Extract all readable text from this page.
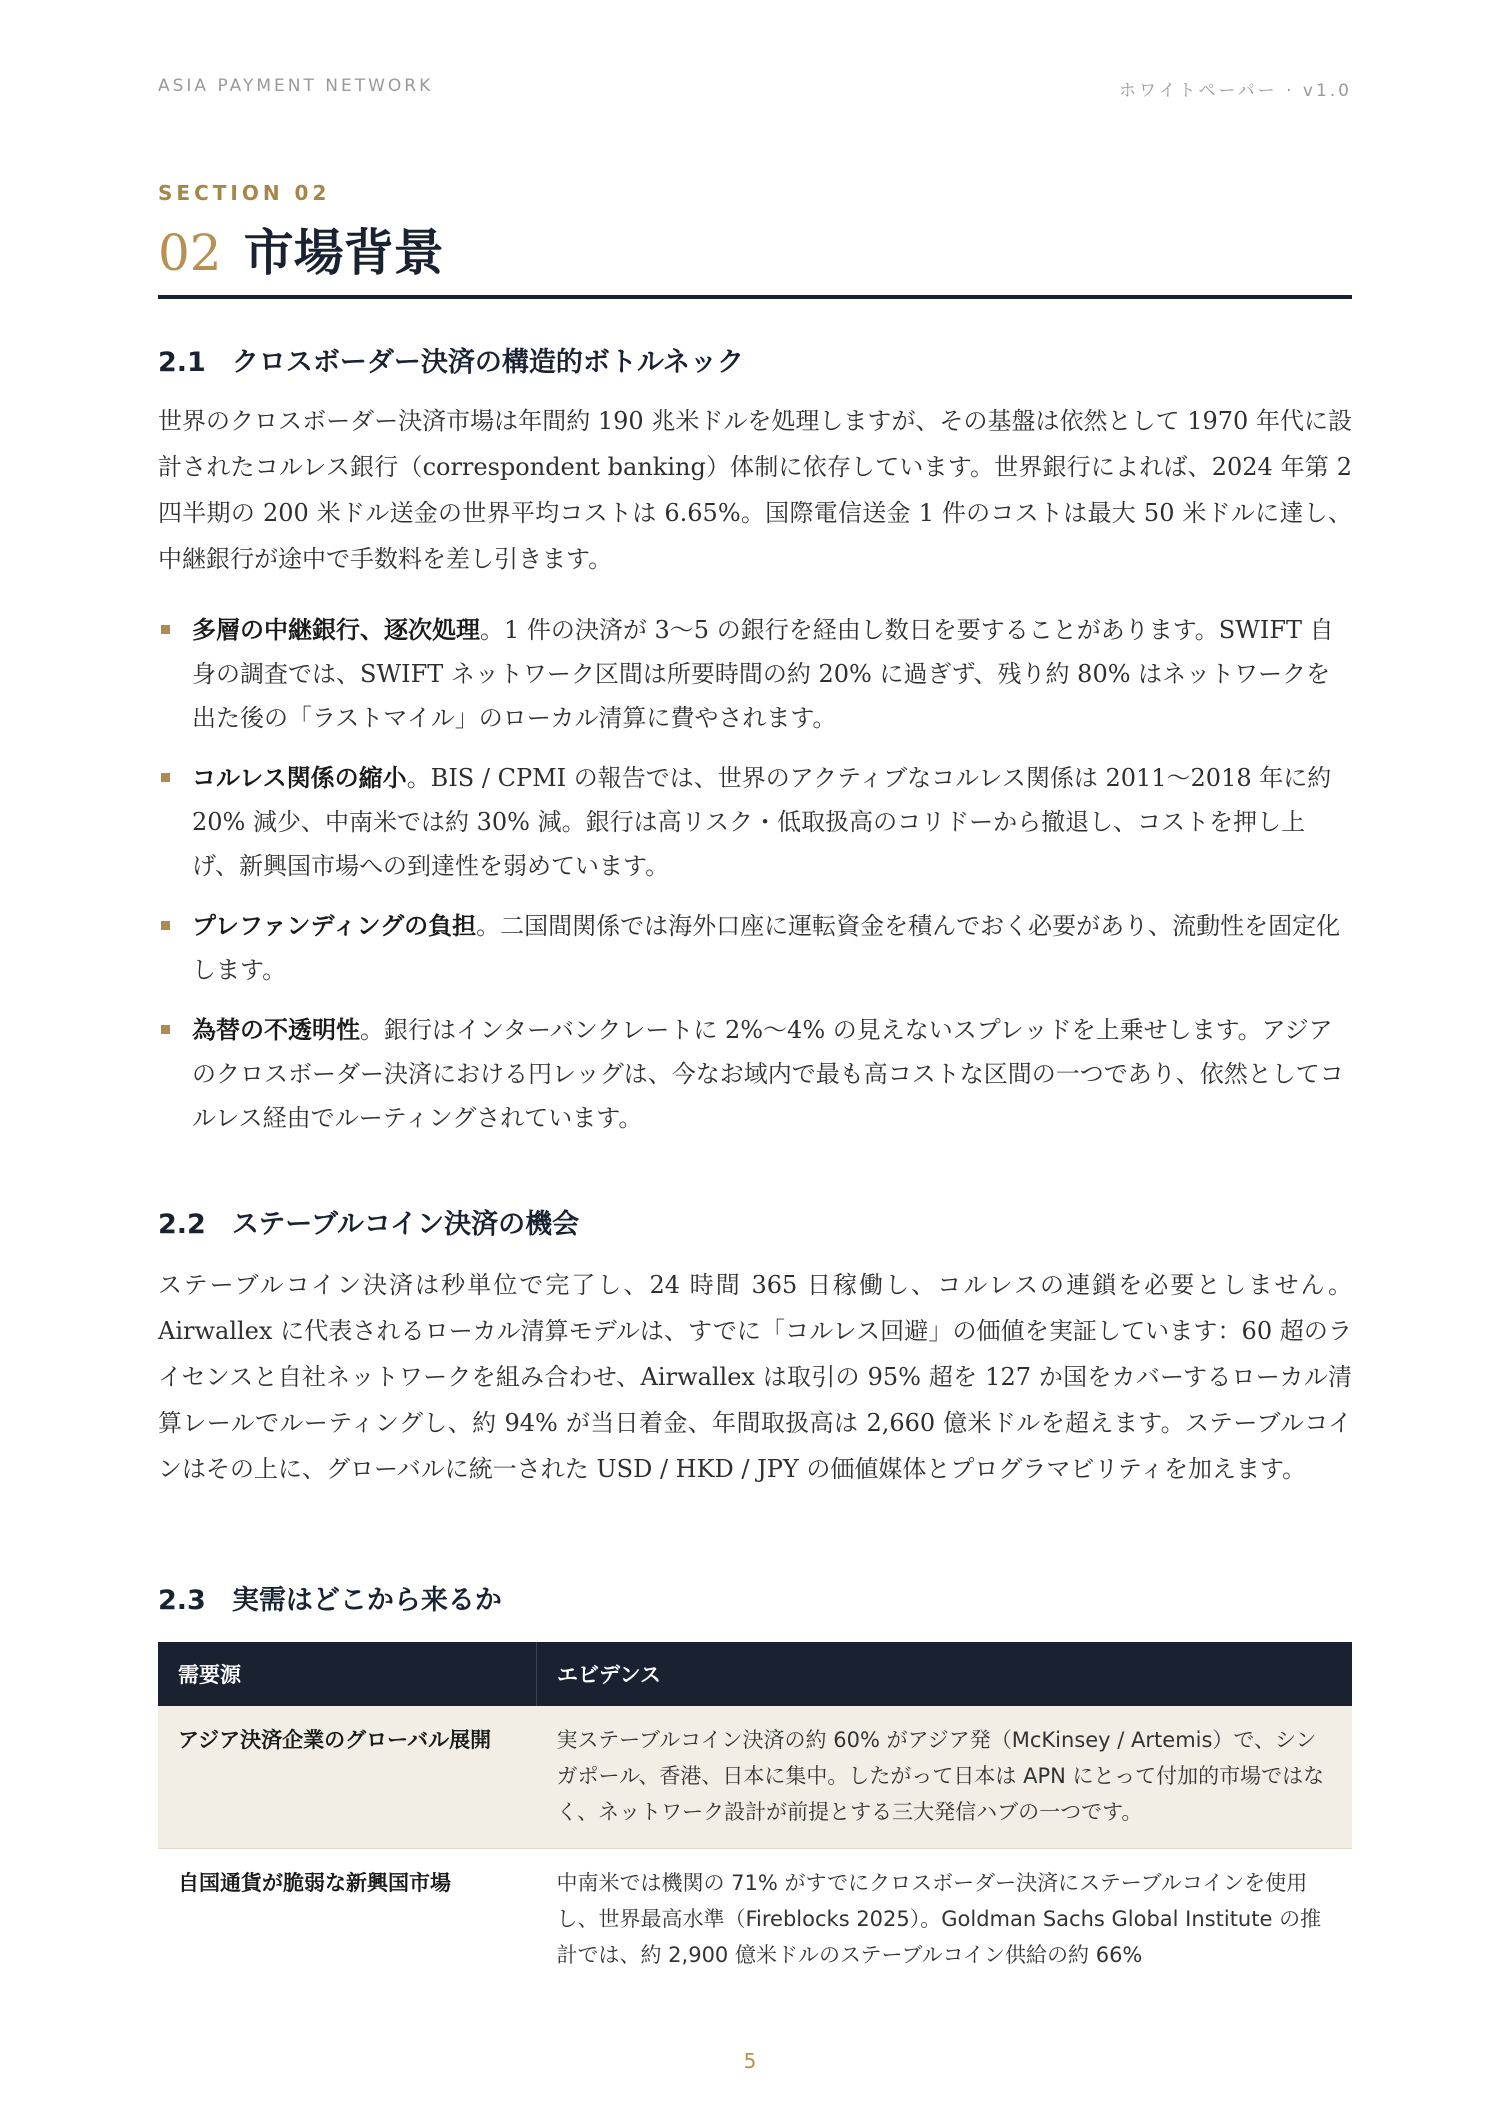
ASIA PAYMENT NETWORK	ホワイトペーパー · v1.0
SECTION 02
02 市場背景
2.1 クロスボーダー決済の構造的ボトルネック

世界のクロスボーダー決済市場は年間約 190 兆米ドルを処理しますが、その基盤は依然として 1970 年代に設計されたコルレス銀行（correspondent banking）体制に依存しています。世界銀行によれば、2024 年第 2 四半期の 200 米ドル送金の世界平均コストは 6.65%。国際電信送金 1 件のコストは最大 50 米ドルに達し、中継銀行が途中で手数料を差し引きます。

多層の中継銀行、逐次処理。1 件の決済が 3〜5 の銀行を経由し数日を要することがあります。SWIFT 自身の調査では、SWIFT ネットワーク区間は所要時間の約 20% に過ぎず、残り約 80% はネットワークを出た後の「ラストマイル」のローカル清算に費やされます。
コルレス関係の縮小。BIS / CPMI の報告では、世界のアクティブなコルレス関係は 2011〜2018 年に約 20% 減少、中南米では約 30% 減。銀行は高リスク・低取扱高のコリドーから撤退し、コストを押し上げ、新興国市場への到達性を弱めています。
プレファンディングの負担。二国間関係では海外口座に運転資金を積んでおく必要があり、流動性を固定化します。
為替の不透明性。銀行はインターバンクレートに 2%〜4% の見えないスプレッドを上乗せします。アジアのクロスボーダー決済における円レッグは、今なお域内で最も高コストな区間の一つであり、依然としてコルレス経由でルーティングされています。
2.2 ステーブルコイン決済の機会

ステーブルコイン決済は秒単位で完了し、24 時間 365 日稼働し、コルレスの連鎖を必要としません。Airwallex に代表されるローカル清算モデルは、すでに「コルレス回避」の価値を実証しています：60 超のライセンスと自社ネットワークを組み合わせ、Airwallex は取引の 95% 超を 127 か国をカバーするローカル清算レールでルーティングし、約 94% が当日着金、年間取扱高は 2,660 億米ドルを超えます。ステーブルコインはその上に、グローバルに統一された USD / HKD / JPY の価値媒体とプログラマビリティを加えます。

2.3 実需はどこから来るか
需要源	エビデンス
アジア決済企業のグローバル展開	実ステーブルコイン決済の約 60% がアジア発（McKinsey / Artemis）で、シンガポール、香港、日本に集中。したがって日本は APN にとって付加的市場ではなく、ネットワーク設計が前提とする三大発信ハブの一つです。
自国通貨が脆弱な新興国市場	中南米では機関の 71% がすでにクロスボーダー決済にステーブルコインを使用し、世界最高水準（Fireblocks 2025）。Goldman Sachs Global Institute の推計では、約 2,900 億米ドルのステーブルコイン供給の約 66%
5
